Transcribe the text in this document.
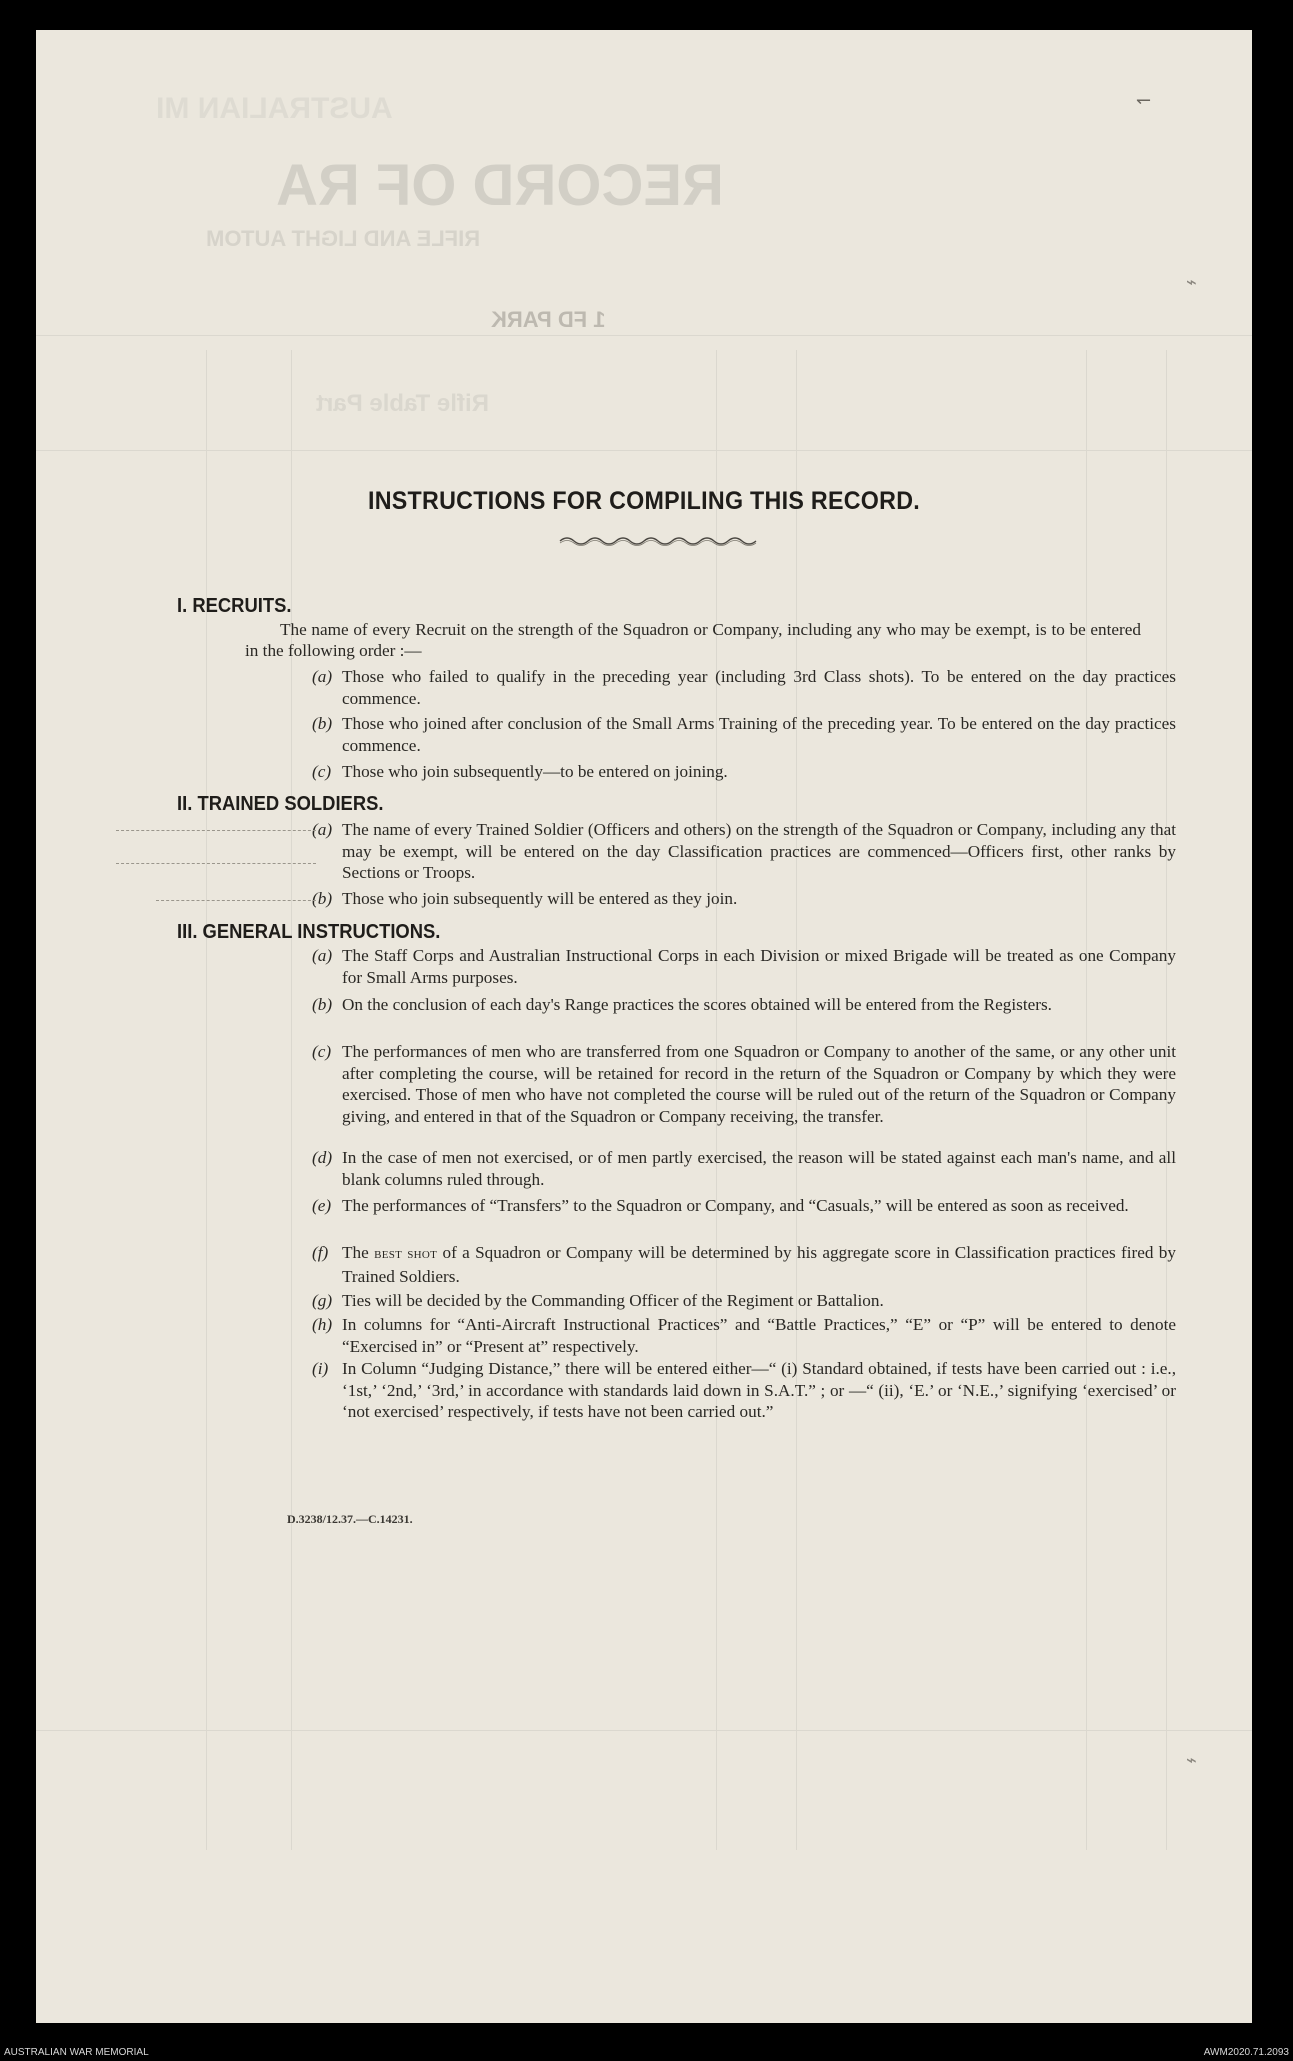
AUSTRALIAN MI
RECORD OF RA
RIFLE AND LIGHT AUTOM
1 FD PARK
Rifle Table Part
↽
⌁
⌁
INSTRUCTIONS FOR COMPILING THIS RECORD.
I. RECRUITS.
The name of every Recruit on the strength of the Squadron or Company, including any who may be exempt, is to be entered in the following order :—
(a) Those who failed to qualify in the preceding year (including 3rd Class shots). To be entered on the day practices commence.
(b) Those who joined after conclusion of the Small Arms Training of the preceding year. To be entered on the day practices commence.
(c) Those who join subsequently—to be entered on joining.
II. TRAINED SOLDIERS.
(a) The name of every Trained Soldier (Officers and others) on the strength of the Squadron or Company, including any that may be exempt, will be entered on the day Classification practices are commenced—Officers first, other ranks by Sections or Troops.
(b) Those who join subsequently will be entered as they join.
III. GENERAL INSTRUCTIONS.
(a) The Staff Corps and Australian Instructional Corps in each Division or mixed Brigade will be treated as one Company for Small Arms purposes.
(b) On the conclusion of each day's Range practices the scores obtained will be entered from the Registers.
(c) The performances of men who are transferred from one Squadron or Company to another of the same, or any other unit after completing the course, will be retained for record in the return of the Squadron or Company by which they were exercised. Those of men who have not completed the course will be ruled out of the return of the Squadron or Company giving, and entered in that of the Squadron or Company receiving, the transfer.
(d) In the case of men not exercised, or of men partly exercised, the reason will be stated against each man's name, and all blank columns ruled through.
(e) The performances of “Transfers” to the Squadron or Company, and “Casuals,” will be entered as soon as received.
(f) The best shot of a Squadron or Company will be determined by his aggregate score in Classification practices fired by Trained Soldiers.
(g) Ties will be decided by the Commanding Officer of the Regiment or Battalion.
(h) In columns for “Anti-Aircraft Instructional Practices” and “Battle Practices,” “E” or “P” will be entered to denote “Exercised in” or “Present at” respectively.
(i) In Column “Judging Distance,” there will be entered either—“ (i) Standard obtained, if tests have been carried out : i.e., ‘1st,’ ‘2nd,’ ‘3rd,’ in accordance with standards laid down in S.A.T.” ; or —“ (ii), ‘E.’ or ‘N.E.,’ signifying ‘exercised’ or ‘not exercised’ respectively, if tests have not been carried out.”
D.3238/12.37.—C.14231.
AUSTRALIAN WAR MEMORIAL	AWM2020.71.2093
